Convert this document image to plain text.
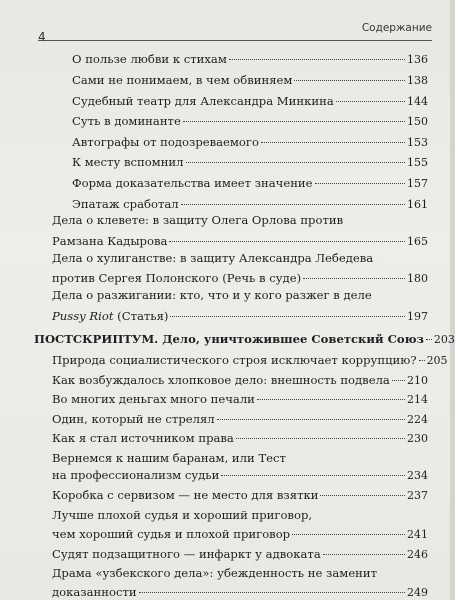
4
Содержание
О пользе любви к стихам	136
Сами не понимаем, в чем обвиняем	138
Судебный театр для Александра Минкина	144
Суть в доминанте	150
Автографы от подозреваемого	153
К месту вспомнил	155
Форма доказательства имеет значение	157
Эпатаж сработал	161
Дела о клевете: в защиту Олега Орлова против
Рамзана Кадырова	165
Дела о хулиганстве: в защиту Александра Лебедева
против Сергея Полонского (Речь в суде)	180
Дела о разжигании: кто, что и у кого разжег в деле
Pussy Riot (Статья)	197
ПОСТСКРИПТУМ. Дело, уничтожившее Советский Союз 203
Природа социалистического строя исключает коррупцию? 205
Как возбуждалось хлопковое дело: внешность подвела 210
Во многих деньгах много печали	214
Один, который не стрелял	224
Как я стал источником права	230
Вернемся к нашим баранам, или Тест
на профессионализм судьи	234
Коробка с сервизом — не место для взятки	237
Лучше плохой судья и хороший приговор,
чем хороший судья и плохой приговор	241
Судят подзащитного — инфаркт у адвоката	246
Драма «узбекского дела»: убежденность не заменит
доказанности	249
